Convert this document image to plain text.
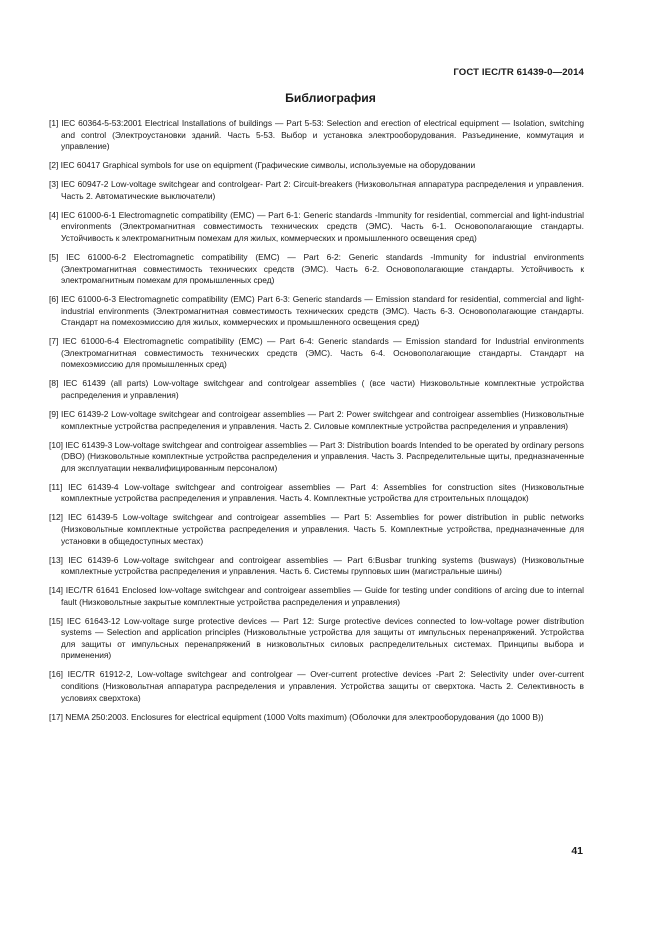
ГОСТ IEC/TR 61439-0—2014
Библиография
[1] IEC 60364-5-53:2001 Electrical Installations of buildings — Part 5-53: Selection and erection of electrical equipment — Isolation, switching and control (Электроустановки зданий. Часть 5-53. Выбор и установка электрооборудования. Разъединение, коммутация и управление)
[2] IEC 60417 Graphical symbols for use on equipment (Графические символы, используемые на оборудовании
[3] IEC 60947-2 Low-voltage switchgear and controlgear- Part 2: Circuit-breakers (Низковольтная аппаратура распределения и управления. Часть 2. Автоматические выключатели)
[4] IEC 61000-6-1 Electromagnetic compatibility (EMC) — Part 6-1: Generic standards -Immunity for residential, commercial and light-industrial environments (Электромагнитная совместимость технических средств (ЭМС). Часть 6-1. Основополагающие стандарты. Устойчивость к электромагнитным помехам для жилых, коммерческих и промышленного освещения сред)
[5] IEC 61000-6-2 Electromagnetic compatibility (EMC) — Part 6-2: Generic standards -Immunity for industrial environments (Электромагнитная совместимость технических средств (ЭМС). Часть 6-2. Основополагающие стандарты. Устойчивость к электромагнитным помехам для промышленных сред)
[6] IEC 61000-6-3 Electromagnetic compatibility (EMC) Part 6-3: Generic standards — Emission standard for residential, commercial and light-industrial environments (Электромагнитная совместимость технических средств (ЭМС). Часть 6-3. Основополагающие стандарты. Стандарт на помехоэмиссию для жилых, коммерческих и промышленного освещения сред)
[7] IEC 61000-6-4 Electromagnetic compatibility (EMC) — Part 6-4: Generic standards — Emission standard for Industrial environments (Электромагнитная совместимость технических средств (ЭМС). Часть 6-4. Основополагающие стандарты. Стандарт на помехоэмиссию для промышленных сред)
[8] IEC 61439 (all parts) Low-voltage switchgear and controlgear assemblies ( (все части) Низковольтные комплектные устройства распределения и управления)
[9] IEC 61439-2 Low-voltage switchgear and controigear assemblies — Part 2: Power switchgear and controigear assemblies (Низковольтные комплектные устройства распределения и управления. Часть 2. Силовые комплектные устройства распределения и управления)
[10] IEC 61439-3 Low-voltage switchgear and controigear assemblies — Part 3: Distribution boards Intended to be operated by ordinary persons (DBO) (Низковольтные комплектные устройства распределения и управления. Часть 3. Распределительные щиты, предназначенные для эксплуатации неквалифицированным персоналом)
[11] IEC 61439-4 Low-voltage switchgear and controigear assemblies — Part 4: Assemblies for construction sites (Низковольтные комплектные устройства распределения и управления. Часть 4. Комплектные устройства для строительных площадок)
[12] IEC 61439-5 Low-voltage switchgear and controigear assemblies — Part 5: Assemblies for power distribution in public networks (Низковольтные комплектные устройства распределения и управления. Часть 5. Комплектные устройства, предназначенные для установки в общедоступных местах)
[13] IEC 61439-6 Low-voltage switchgear and controigear assemblies — Part 6:Busbar trunking systems (busways) (Низковольтные комплектные устройства распределения и управления. Часть 6. Системы групповых шин (магистральные шины)
[14] IEC/TR 61641 Enclosed low-voltage switchgear and controigear assemblies — Guide for testing under conditions of arcing due to internal fault (Низковольтные закрытые комплектные устройства распределения и управления)
[15] IEC 61643-12 Low-voltage surge protective devices — Part 12: Surge protective devices connected to low-voltage power distribution systems — Selection and application principles (Низковольтные устройства для защиты от импульсных перенапряжений. Устройства для защиты от импульсных перенапряжений в низковольтных силовых распределительных системах. Принципы выбора и применения)
[16] IEC/TR 61912-2, Low-voltage switchgear and controlgear — Over-current protective devices -Part 2: Selectivity under over-current conditions (Низковольтная аппаратура распределения и управления. Устройства защиты от сверхтока. Часть 2. Селективность в условиях сверхтока)
[17] NEMA 250:2003. Enclosures for electrical equipment (1000 Volts maximum) (Оболочки для электрооборудования (до 1000 В))
41
